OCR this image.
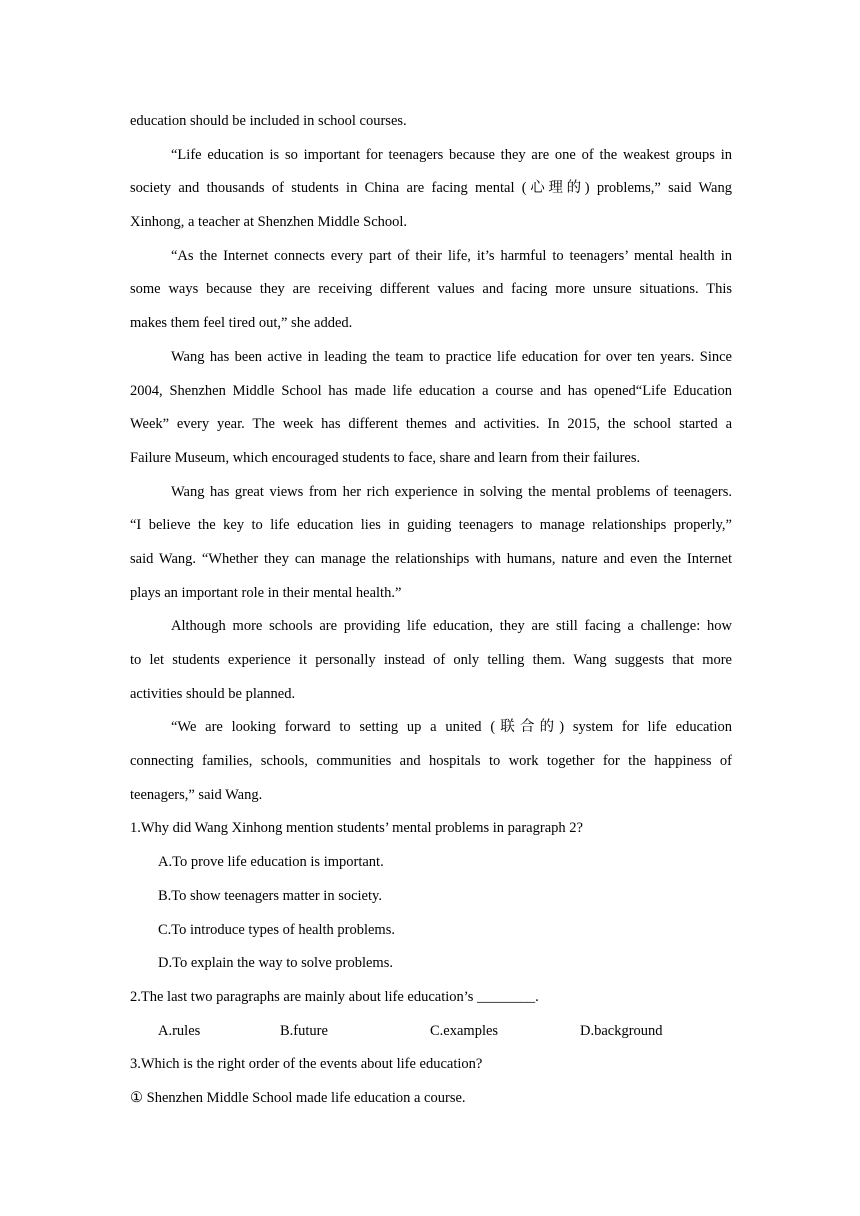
education should be included in school courses.
“Life education is so important for teenagers because they are one of the weakest groups in
society and thousands of students in China are facing mental (心理的) problems,” said Wang
Xinhong, a teacher at Shenzhen Middle School.
“As the Internet connects every part of their life, it’s harmful to teenagers’ mental health in
some ways because they are receiving different values and facing more unsure situations. This
makes them feel tired out,” she added.
Wang has been active in leading the team to practice life education for over ten years. Since
2004, Shenzhen Middle School has made life education a course and has opened“Life Education
Week” every year. The week has different themes and activities. In 2015, the school started a
Failure Museum, which encouraged students to face, share and learn from their failures.
Wang has great views from her rich experience in solving the mental problems of teenagers.
“I believe the key to life education lies in guiding teenagers to manage relationships properly,”
said Wang. “Whether they can manage the relationships with humans, nature and even the Internet
plays an important role in their mental health.”
Although more schools are providing life education, they are still facing a challenge: how
to let students experience it personally instead of only telling them. Wang suggests that more
activities should be planned.
“We are looking forward to setting up a united (联合的) system for life education
connecting families, schools, communities and hospitals to work together for the happiness of
teenagers,” said Wang.
1.Why did Wang Xinhong mention students’ mental problems in paragraph 2?
A.To prove life education is important.
B.To show teenagers matter in society.
C.To introduce types of health problems.
D.To explain the way to solve problems.
2.The last two paragraphs are mainly about life education’s ________.
A.rules	B.future	C.examples	D.background
3.Which is the right order of the events about life education?
① Shenzhen Middle School made life education a course.
